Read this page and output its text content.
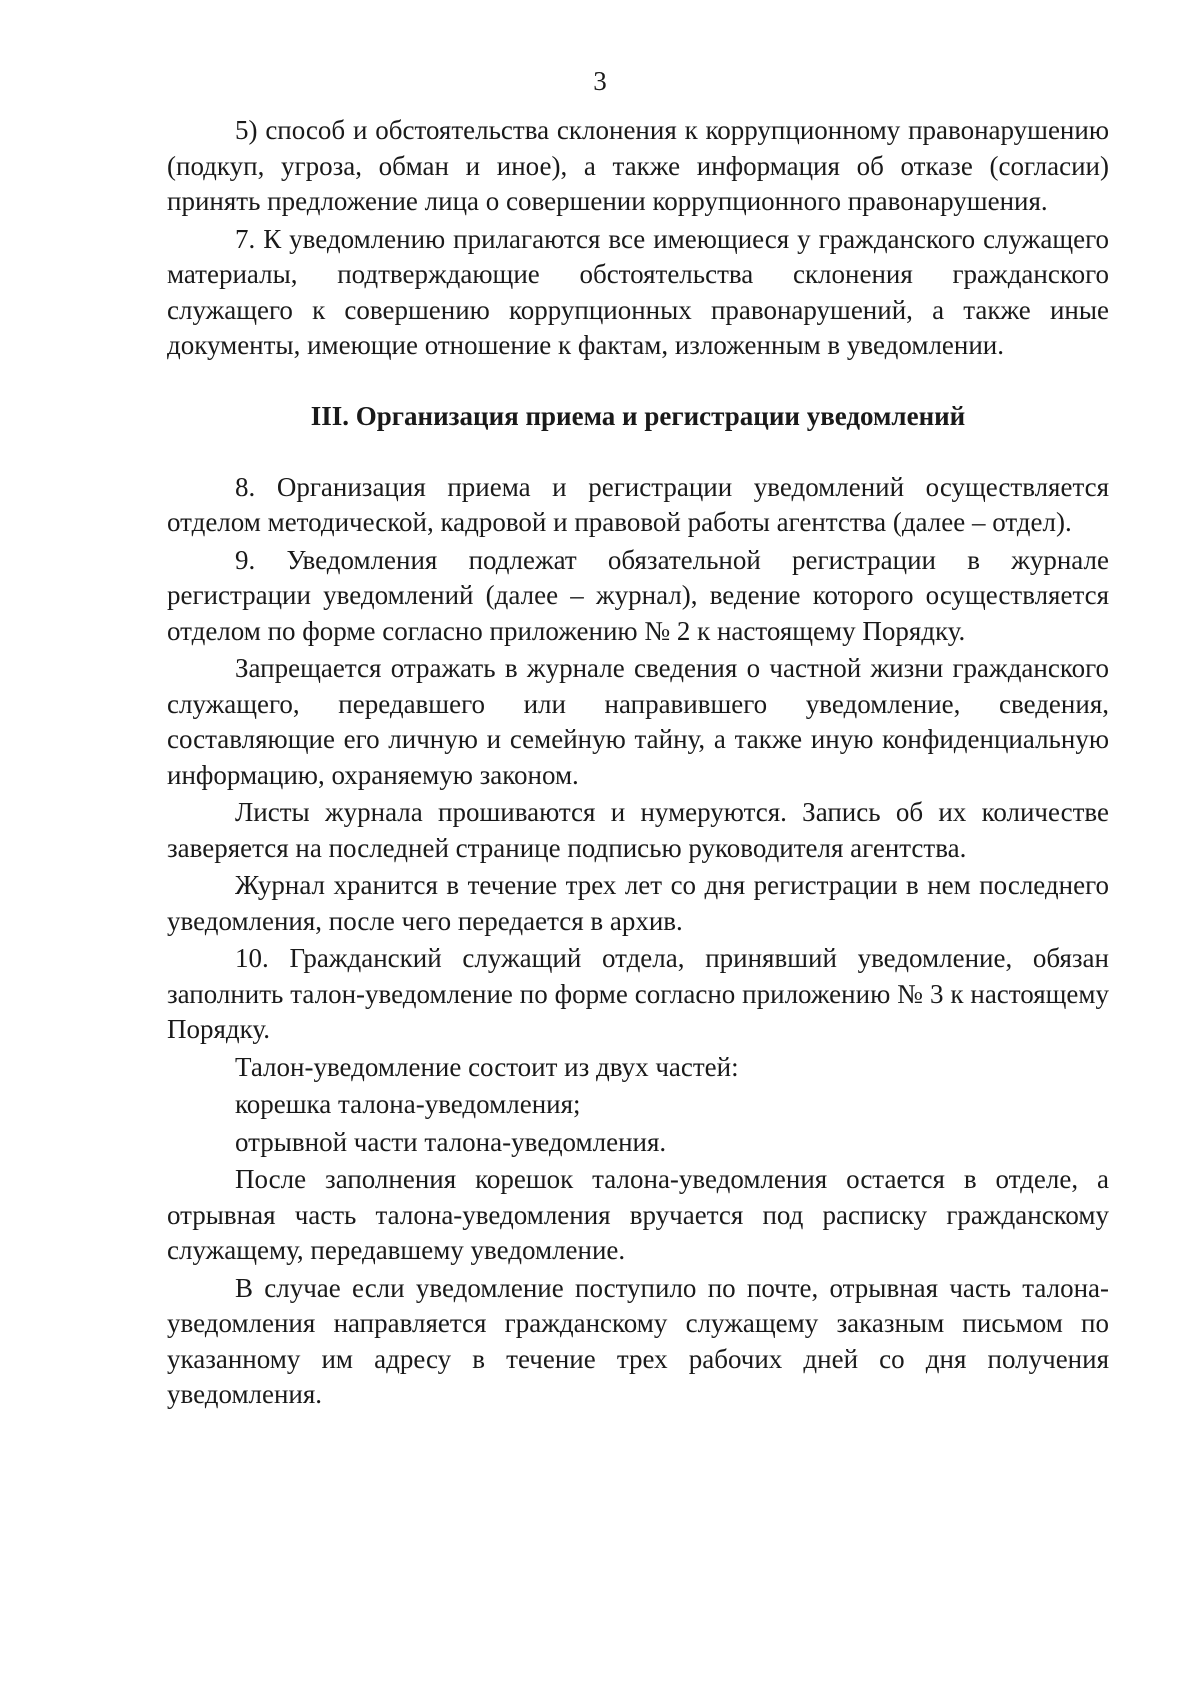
3

5) способ и обстоятельства склонения к коррупционному правонарушению (подкуп, угроза, обман и иное), а также информация об отказе (согласии) принять предложение лица о совершении коррупционного правонарушения.

7. К уведомлению прилагаются все имеющиеся у гражданского служащего материалы, подтверждающие обстоятельства склонения гражданского служащего к совершению коррупционных правонарушений, а также иные документы, имеющие отношение к фактам, изложенным в уведомлении.

III. Организация приема и регистрации уведомлений

8. Организация приема и регистрации уведомлений осуществляется отделом методической, кадровой и правовой работы агентства (далее – отдел).

9. Уведомления подлежат обязательной регистрации в журнале регистрации уведомлений (далее – журнал), ведение которого осуществляется отделом по форме согласно приложению № 2 к настоящему Порядку.

Запрещается отражать в журнале сведения о частной жизни гражданского служащего, передавшего или направившего уведомление, сведения, составляющие его личную и семейную тайну, а также иную конфиденциальную информацию, охраняемую законом.

Листы журнала прошиваются и нумеруются. Запись об их количестве заверяется на последней странице подписью руководителя агентства.

Журнал хранится в течение трех лет со дня регистрации в нем последнего уведомления, после чего передается в архив.

10. Гражданский служащий отдела, принявший уведомление, обязан заполнить талон-уведомление по форме согласно приложению № 3 к настоящему Порядку.

Талон-уведомление состоит из двух частей:

корешка талона-уведомления;

отрывной части талона-уведомления.

После заполнения корешок талона-уведомления остается в отделе, а отрывная часть талона-уведомления вручается под расписку гражданскому служащему, передавшему уведомление.

В случае если уведомление поступило по почте, отрывная часть талона-уведомления направляется гражданскому служащему заказным письмом по указанному им адресу в течение трех рабочих дней со дня получения уведомления.
